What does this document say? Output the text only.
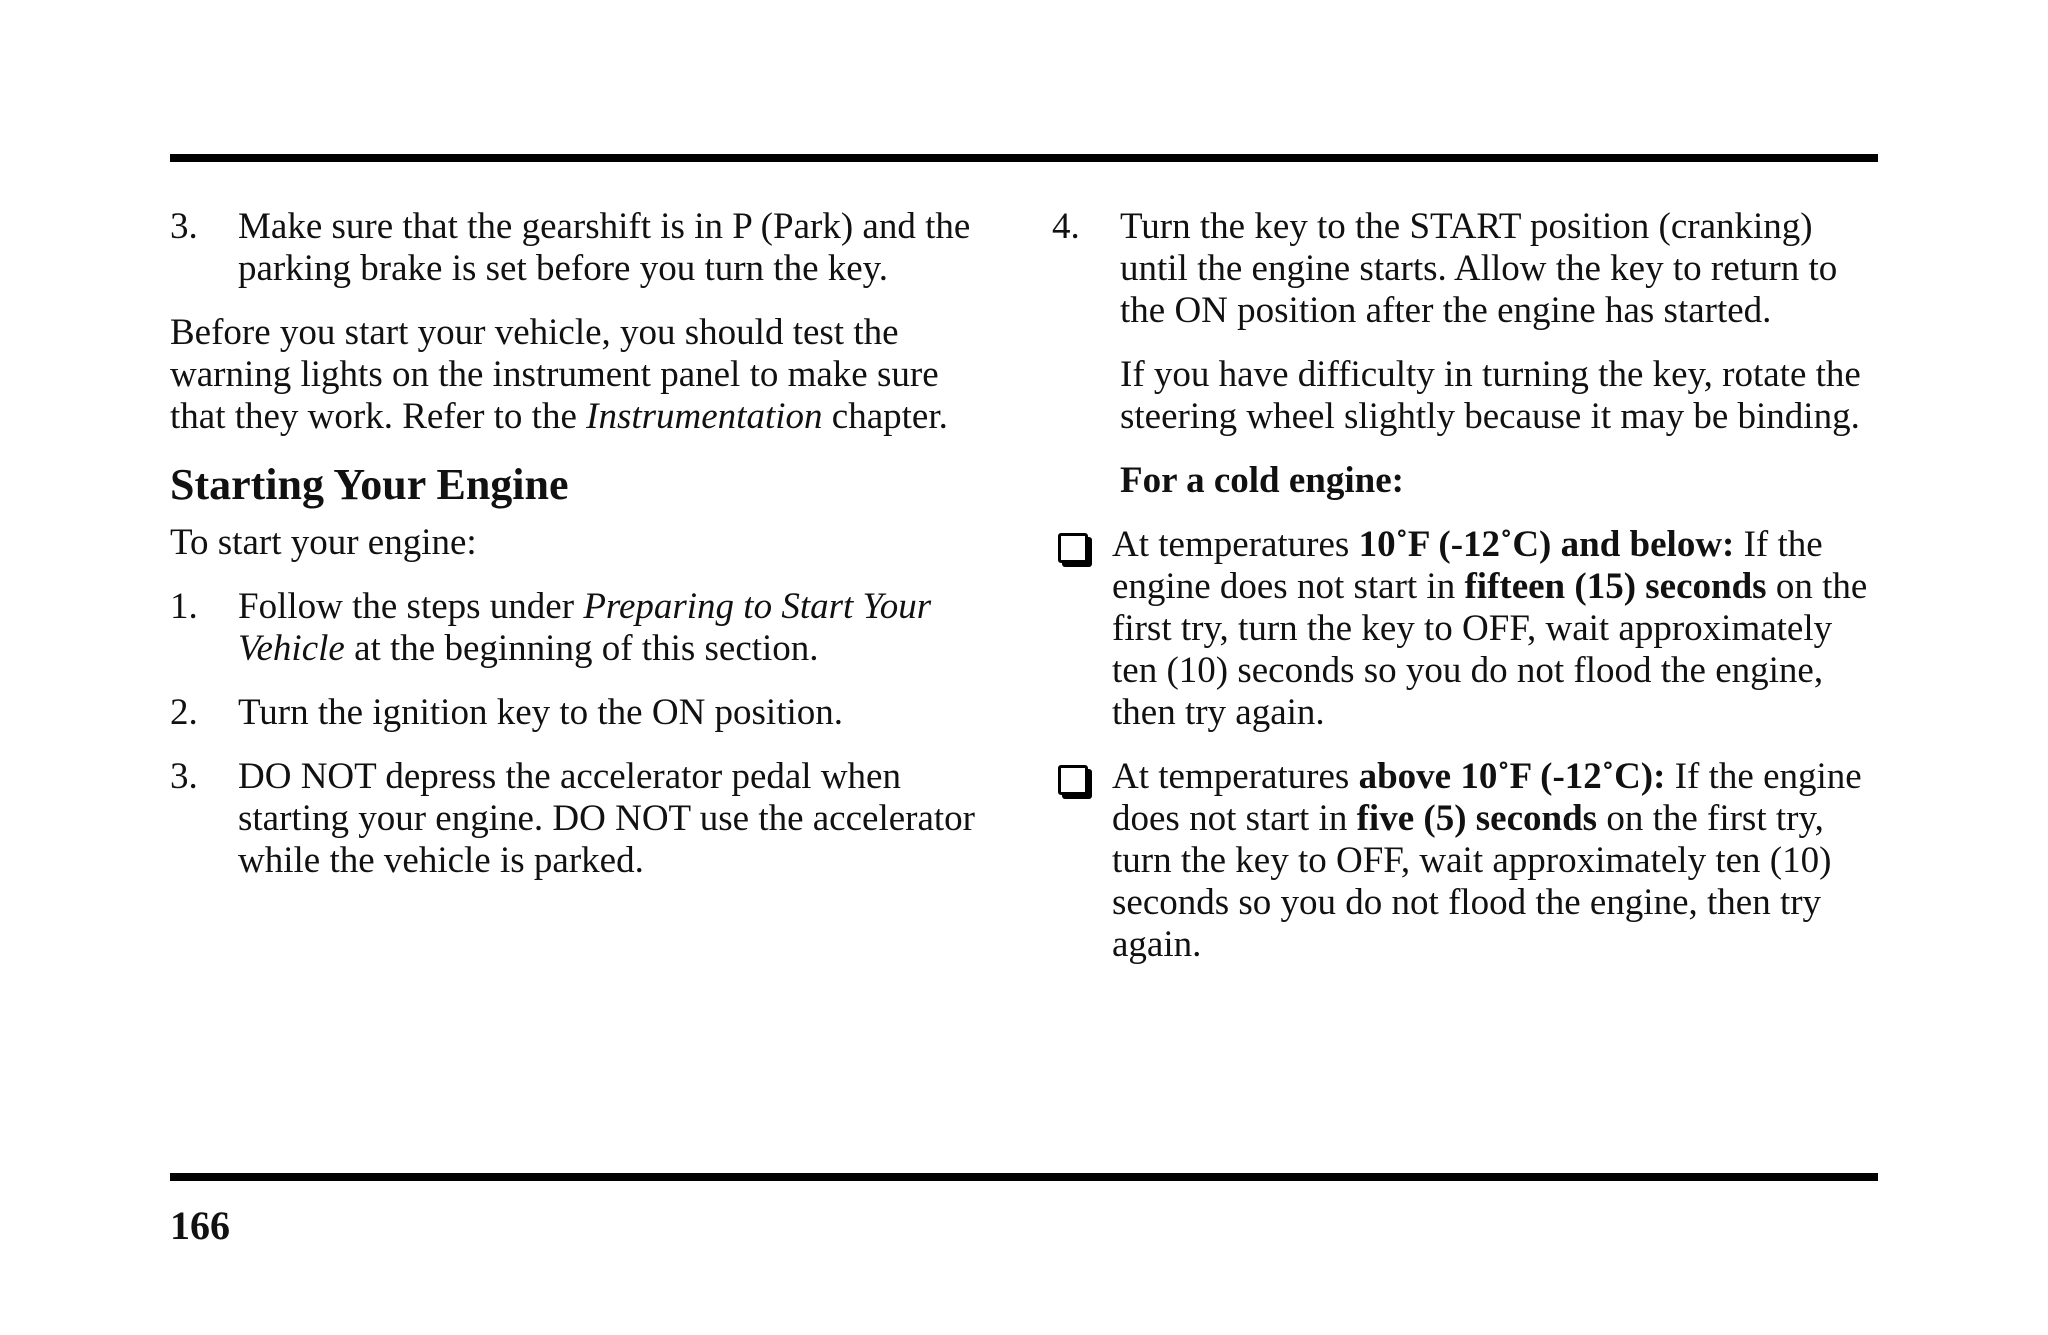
3. Make sure that the gearshift is in P (Park) and the parking brake is set before you turn the key.

Before you start your vehicle, you should test the warning lights on the instrument panel to make sure that they work. Refer to the Instrumentation chapter.

Starting Your Engine

To start your engine:

1. Follow the steps under Preparing to Start Your Vehicle at the beginning of this section.
2. Turn the ignition key to the ON position.
3. DO NOT depress the accelerator pedal when starting your engine. DO NOT use the accelerator while the vehicle is parked.
4. Turn the key to the START position (cranking) until the engine starts. Allow the key to return to the ON position after the engine has started.

If you have difficulty in turning the key, rotate the steering wheel slightly because it may be binding.

For a cold engine:

At temperatures 10˚F (-12˚C) and below: If the engine does not start in fifteen (15) seconds on the first try, turn the key to OFF, wait approximately ten (10) seconds so you do not flood the engine, then try again.
At temperatures above 10˚F (-12˚C): If the engine does not start in five (5) seconds on the first try, turn the key to OFF, wait approximately ten (10) seconds so you do not flood the engine, then try again.
166
